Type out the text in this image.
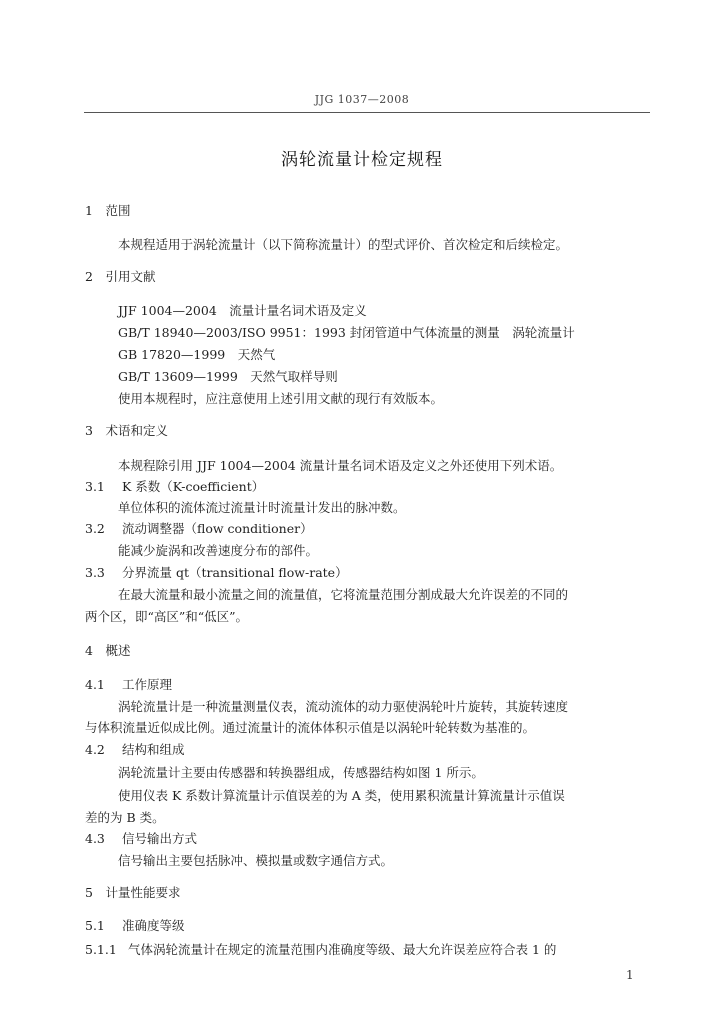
JJG 1037—2008
涡轮流量计检定规程
1　范围
本规程适用于涡轮流量计（以下简称流量计）的型式评价、首次检定和后续检定。
2　引用文献
JJF 1004—2004　流量计量名词术语及定义
GB/T 18940—2003/ISO 9951：1993 封闭管道中气体流量的测量　涡轮流量计
GB 17820—1999　天然气
GB/T 13609—1999　天然气取样导则
使用本规程时，应注意使用上述引用文献的现行有效版本。
3　术语和定义
本规程除引用 JJF 1004—2004 流量计量名词术语及定义之外还使用下列术语。
3.1 K 系数（K-coefficient）
单位体积的流体流过流量计时流量计发出的脉冲数。
3.2 流动调整器（flow conditioner）
能减少旋涡和改善速度分布的部件。
3.3 分界流量 qt（transitional flow-rate）
在最大流量和最小流量之间的流量值，它将流量范围分割成最大允许误差的不同的
两个区，即“高区”和“低区”。
4　概述
4.1 工作原理
涡轮流量计是一种流量测量仪表，流动流体的动力驱使涡轮叶片旋转，其旋转速度
与体积流量近似成比例。通过流量计的流体体积示值是以涡轮叶轮转数为基准的。
4.2 结构和组成
涡轮流量计主要由传感器和转换器组成，传感器结构如图 1 所示。
使用仪表 K 系数计算流量计示值误差的为 A 类，使用累积流量计算流量计示值误
差的为 B 类。
4.3 信号输出方式
信号输出主要包括脉冲、模拟量或数字通信方式。
5　计量性能要求
5.1 准确度等级
5.1.1 气体涡轮流量计在规定的流量范围内准确度等级、最大允许误差应符合表 1 的
1
